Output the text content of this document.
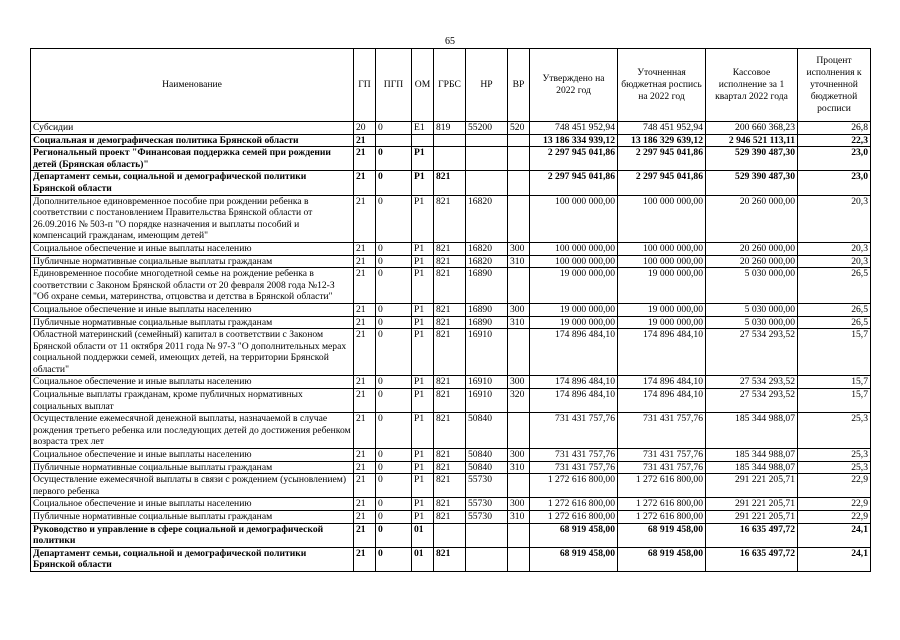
65
Наименование	ГП	ПГП	ОМ	ГРБС	НР	ВР	Утверждено на 2022 год	Уточненная бюджетная роспись на 2022 год	Кассовое исполнение за 1 квартал 2022 года	Процент исполнения к уточненной бюджетной росписи
Субсидии	20	0	Е1	819	55200	520	748 451 952,94	748 451 952,94	200 660 368,23	26,8
Социальная и демографическая политика Брянской области	21						13 186 334 939,12	13 186 329 639,12	2 946 521 113,11	22,3
Региональный проект "Финансовая поддержка семей при рождении детей (Брянская область)"	21	0	Р1				2 297 945 041,86	2 297 945 041,86	529 390 487,30	23,0
Департамент семьи, социальной и демографической политики Брянской области	21	0	Р1	821			2 297 945 041,86	2 297 945 041,86	529 390 487,30	23,0
Дополнительное единовременное пособие при рождении ребенка в соответствии с постановлением Правительства Брянской области от 26.09.2016 № 503-п "О порядке назначения и выплаты пособий и компенсаций гражданам, имеющим детей"	21	0	Р1	821	16820		100 000 000,00	100 000 000,00	20 260 000,00	20,3
Социальное обеспечение и иные выплаты населению	21	0	Р1	821	16820	300	100 000 000,00	100 000 000,00	20 260 000,00	20,3
Публичные нормативные социальные выплаты гражданам	21	0	Р1	821	16820	310	100 000 000,00	100 000 000,00	20 260 000,00	20,3
Единовременное пособие многодетной семье на рождение ребенка в соответствии с Законом Брянской области от 20 февраля 2008 года №12-З "Об охране семьи, материнства, отцовства и детства в Брянской области"	21	0	Р1	821	16890		19 000 000,00	19 000 000,00	5 030 000,00	26,5
Социальное обеспечение и иные выплаты населению	21	0	Р1	821	16890	300	19 000 000,00	19 000 000,00	5 030 000,00	26,5
Публичные нормативные социальные выплаты гражданам	21	0	Р1	821	16890	310	19 000 000,00	19 000 000,00	5 030 000,00	26,5
Областной материнский (семейный) капитал в соответствии с Законом Брянской области от 11 октября 2011 года № 97-З "О дополнительных мерах социальной поддержки семей, имеющих детей, на территории Брянской области"	21	0	Р1	821	16910		174 896 484,10	174 896 484,10	27 534 293,52	15,7
Социальное обеспечение и иные выплаты населению	21	0	Р1	821	16910	300	174 896 484,10	174 896 484,10	27 534 293,52	15,7
Социальные выплаты гражданам, кроме публичных нормативных социальных выплат	21	0	Р1	821	16910	320	174 896 484,10	174 896 484,10	27 534 293,52	15,7
Осуществление ежемесячной денежной выплаты, назначаемой в случае рождения третьего ребенка или последующих детей до достижения ребенком возраста трех лет	21	0	Р1	821	50840		731 431 757,76	731 431 757,76	185 344 988,07	25,3
Социальное обеспечение и иные выплаты населению	21	0	Р1	821	50840	300	731 431 757,76	731 431 757,76	185 344 988,07	25,3
Публичные нормативные социальные выплаты гражданам	21	0	Р1	821	50840	310	731 431 757,76	731 431 757,76	185 344 988,07	25,3
Осуществление ежемесячной выплаты в связи с рождением (усыновлением) первого ребенка	21	0	Р1	821	55730		1 272 616 800,00	1 272 616 800,00	291 221 205,71	22,9
Социальное обеспечение и иные выплаты населению	21	0	Р1	821	55730	300	1 272 616 800,00	1 272 616 800,00	291 221 205,71	22,9
Публичные нормативные социальные выплаты гражданам	21	0	Р1	821	55730	310	1 272 616 800,00	1 272 616 800,00	291 221 205,71	22,9
Руководство и управление в сфере социальной и демографической политики	21	0	01				68 919 458,00	68 919 458,00	16 635 497,72	24,1
Департамент семьи, социальной и демографической политики Брянской области	21	0	01	821			68 919 458,00	68 919 458,00	16 635 497,72	24,1
